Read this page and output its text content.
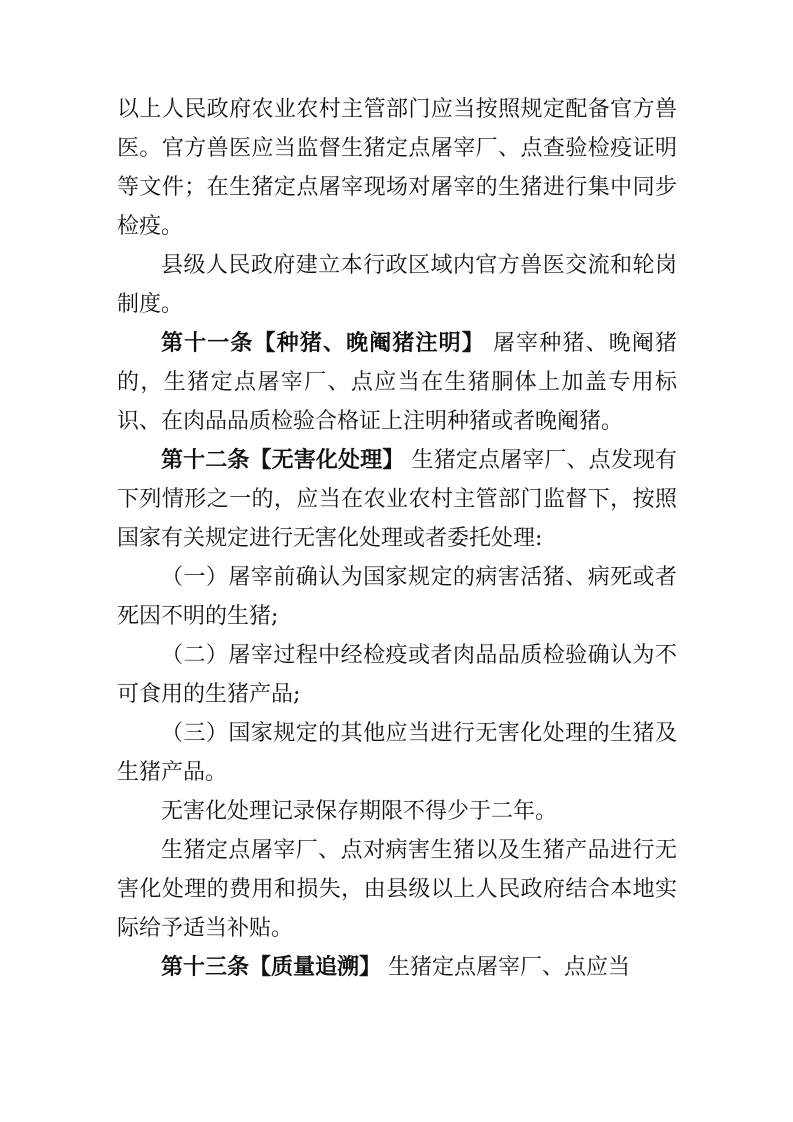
以上人民政府农业农村主管部门应当按照规定配备官方兽医。官方兽医应当监督生猪定点屠宰厂、点查验检疫证明等文件；在生猪定点屠宰现场对屠宰的生猪进行集中同步检疫。

县级人民政府建立本行政区域内官方兽医交流和轮岗制度。

第十一条【种猪、晚阉猪注明】 屠宰种猪、晚阉猪的，生猪定点屠宰厂、点应当在生猪胴体上加盖专用标识、在肉品品质检验合格证上注明种猪或者晚阉猪。

第十二条【无害化处理】 生猪定点屠宰厂、点发现有下列情形之一的，应当在农业农村主管部门监督下，按照国家有关规定进行无害化处理或者委托处理:

（一）屠宰前确认为国家规定的病害活猪、病死或者死因不明的生猪;

（二）屠宰过程中经检疫或者肉品品质检验确认为不可食用的生猪产品;

（三）国家规定的其他应当进行无害化处理的生猪及生猪产品。

无害化处理记录保存期限不得少于二年。

生猪定点屠宰厂、点对病害生猪以及生猪产品进行无害化处理的费用和损失，由县级以上人民政府结合本地实际给予适当补贴。

第十三条【质量追溯】 生猪定点屠宰厂、点应当
